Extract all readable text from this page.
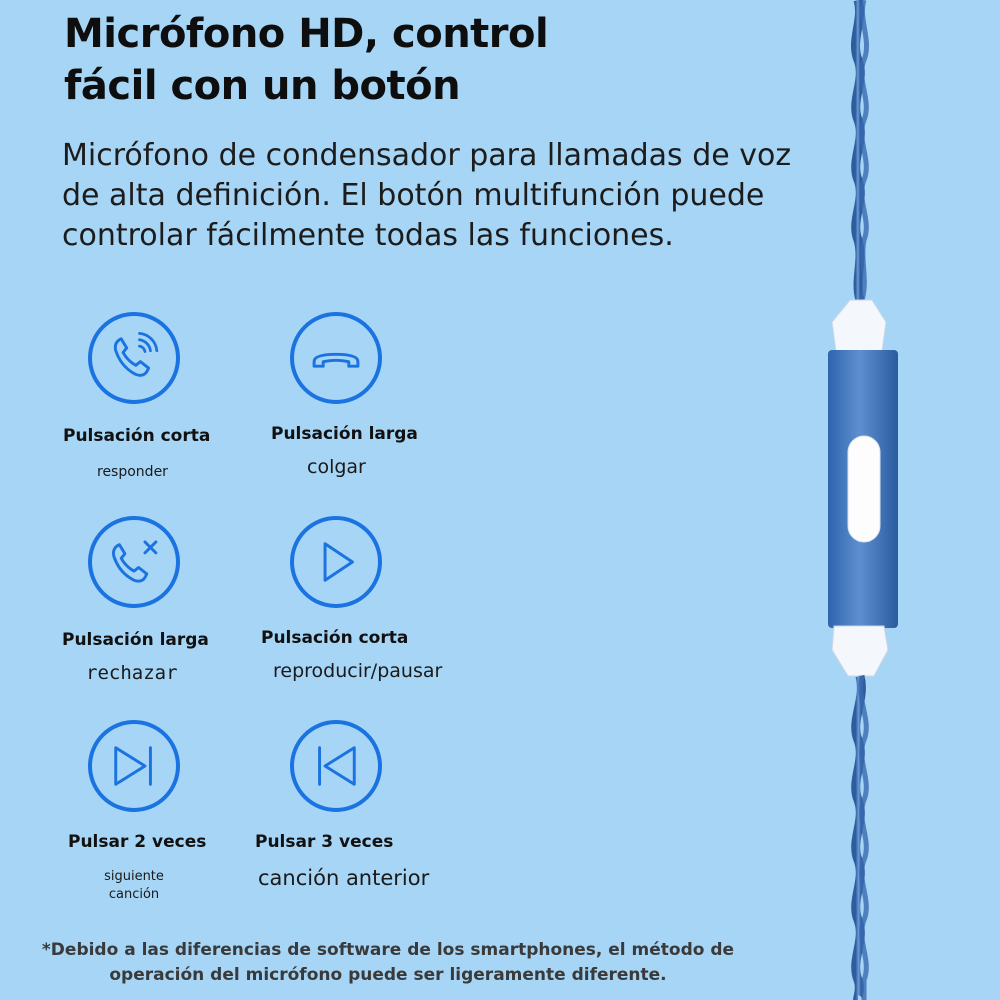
Micrófono HD, control
fácil con un botón

Micrófono de condensador para llamadas de voz de alta definición. El botón multifunción puede controlar fácilmente todas las funciones.

Pulsación corta
responder
Pulsación larga
colgar
Pulsación larga
rechazar
Pulsación corta
reproducir/pausar
Pulsar 2 veces
siguiente canción
Pulsar 3 veces
canción anterior
*Debido a las diferencias de software de los smartphones, el método de operación del micrófono puede ser ligeramente diferente.
